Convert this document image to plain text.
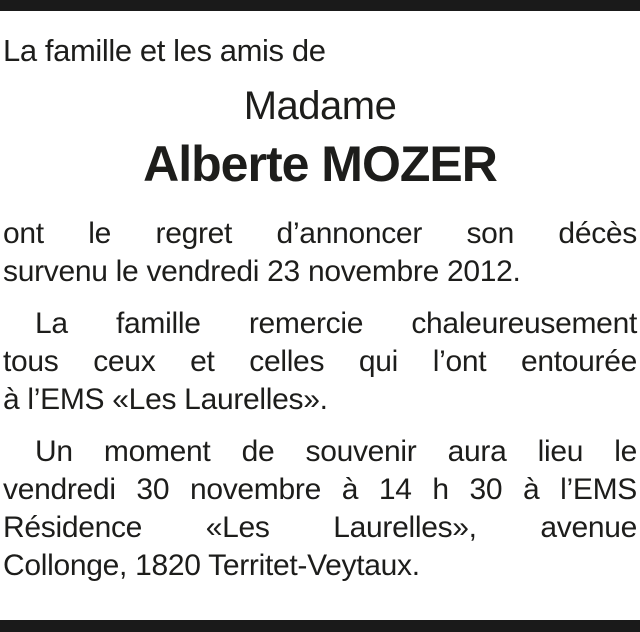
La famille et les amis de
Madame
Alberte MOZER
ont le regret d’annoncer son décès
survenu le vendredi 23 novembre 2012.
La famille remercie chaleureusement
tous ceux et celles qui l’ont entourée
à l’EMS «Les Laurelles».
Un moment de souvenir aura lieu le
vendredi 30 novembre à 14 h 30 à l’EMS
Résidence «Les Laurelles», avenue
Collonge, 1820 Territet-Veytaux.
